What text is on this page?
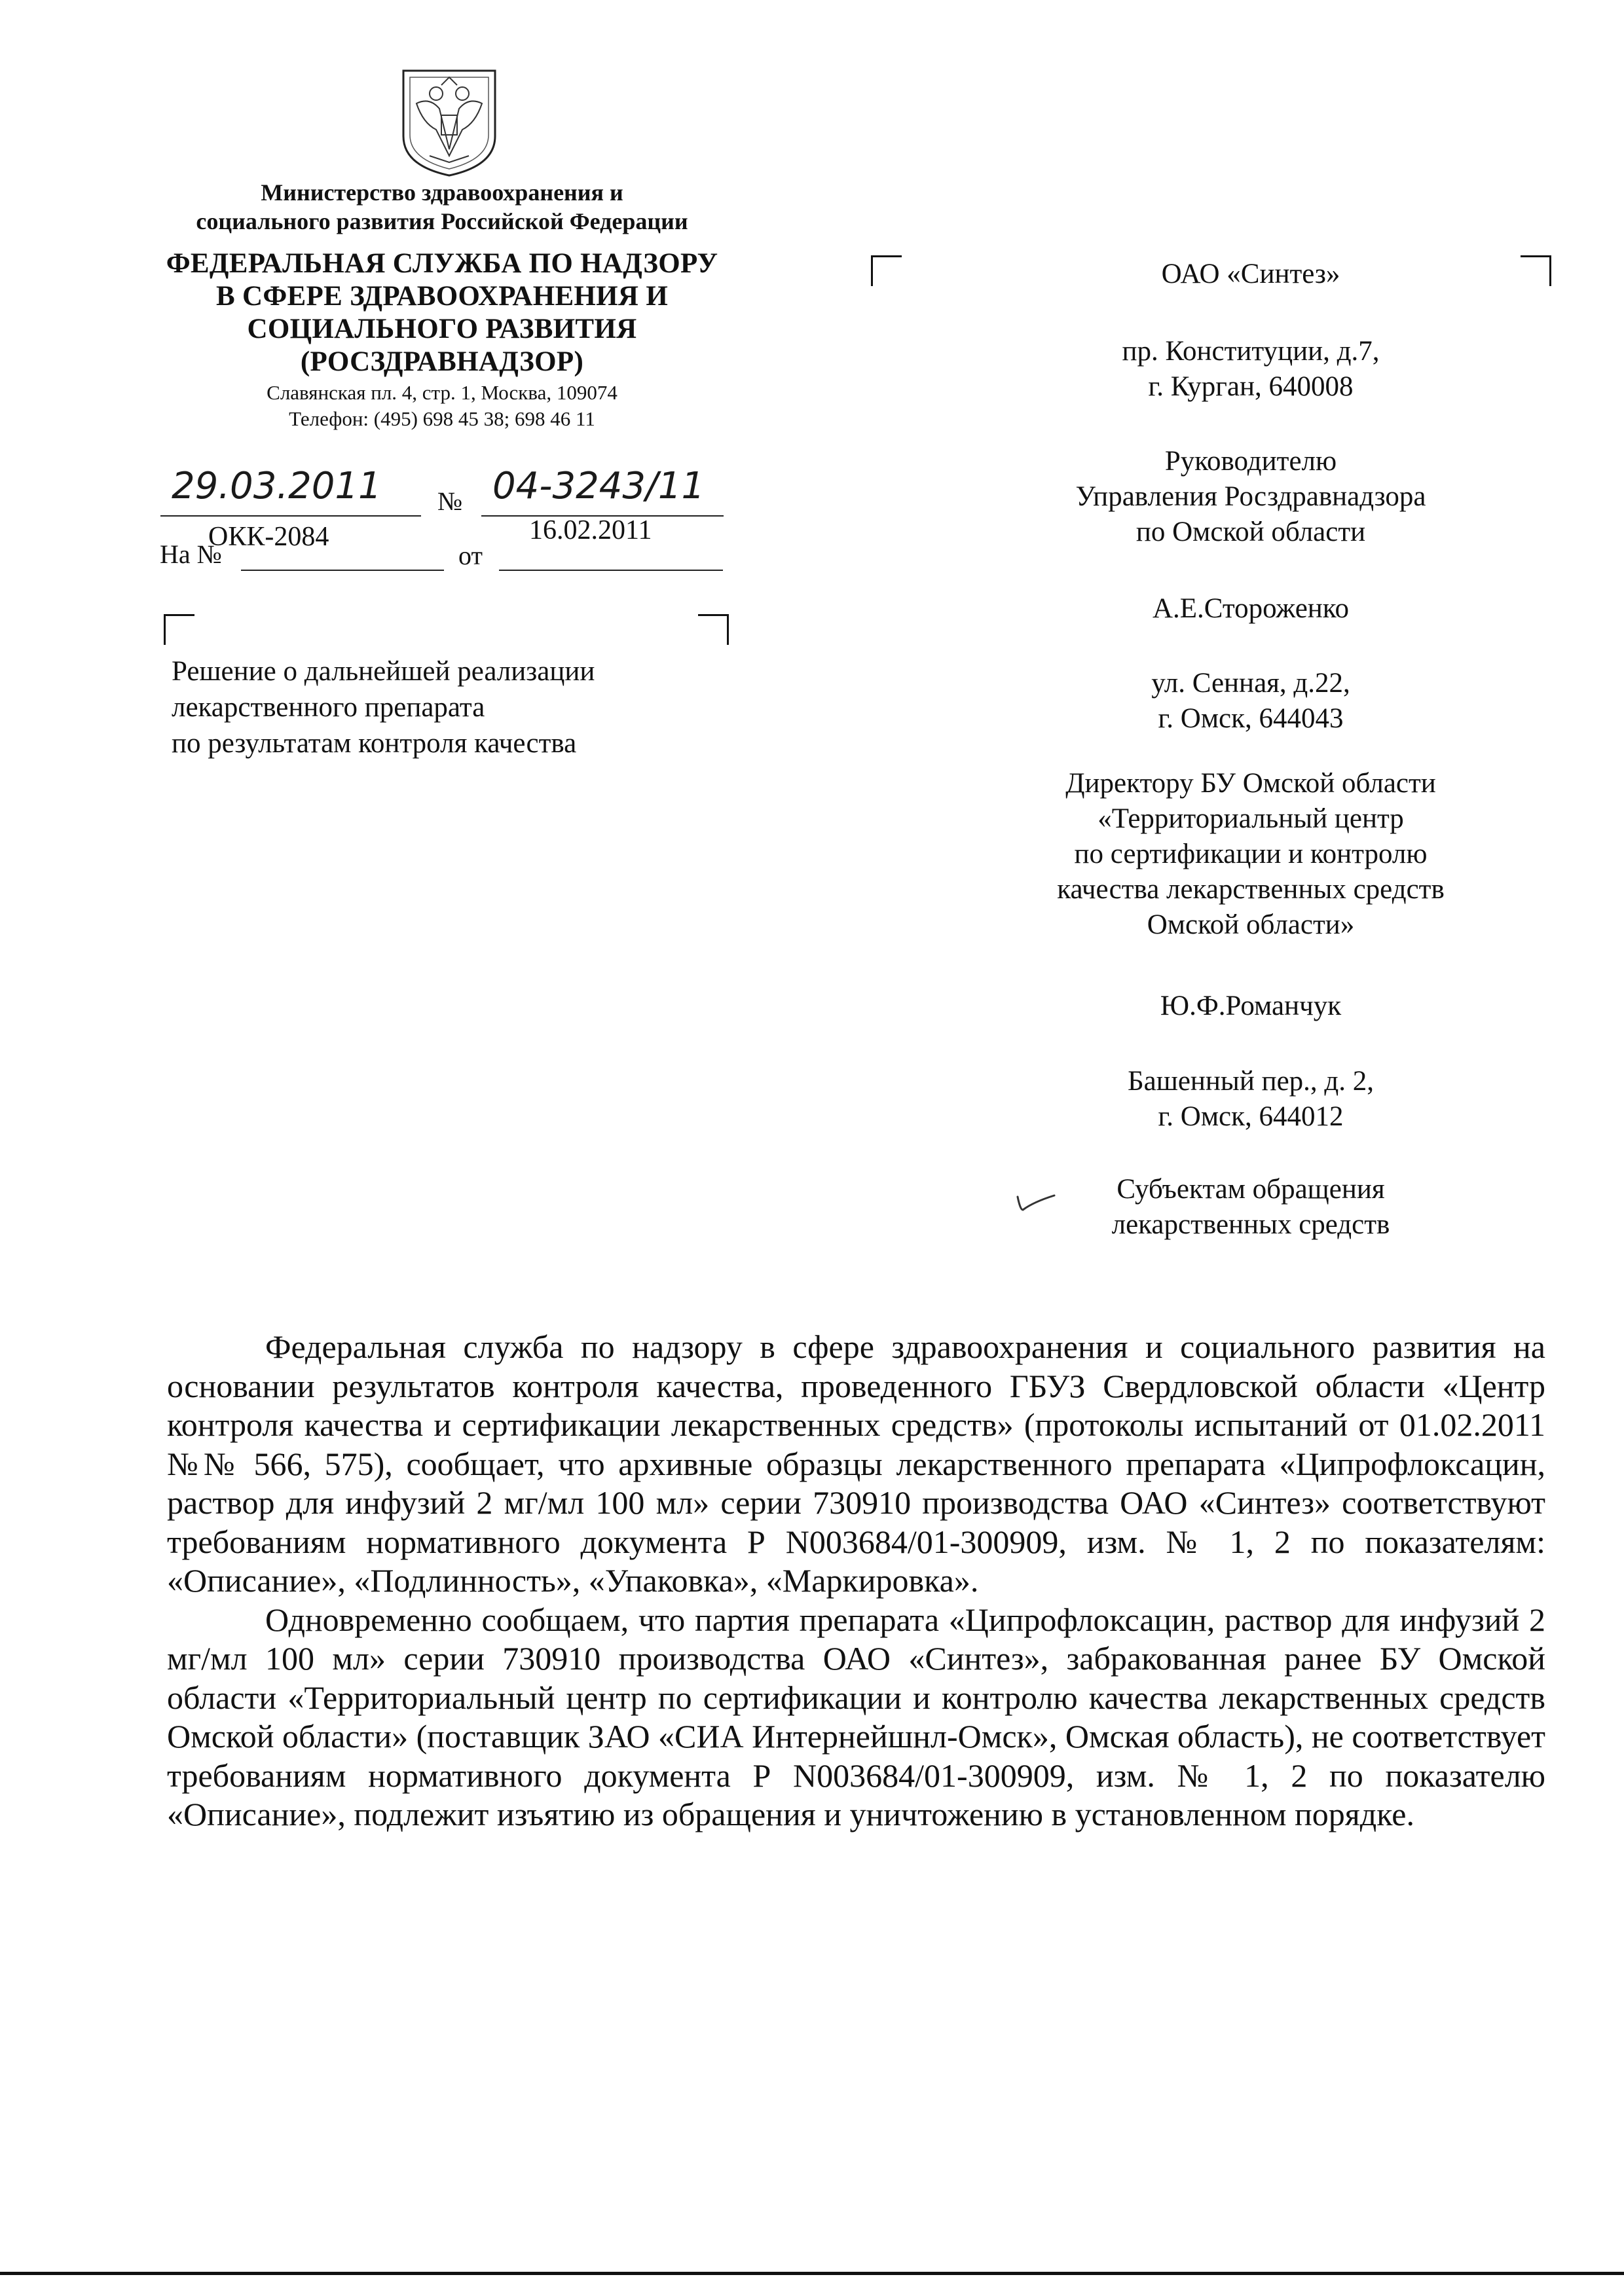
Министерство здравоохранения и
социального развития Российской Федерации
ФЕДЕРАЛЬНАЯ СЛУЖБА ПО НАДЗОРУ
В СФЕРЕ ЗДРАВООХРАНЕНИЯ И
СОЦИАЛЬНОГО РАЗВИТИЯ
(РОСЗДРАВНАДЗОР)
Славянская пл. 4, стр. 1, Москва, 109074
Телефон: (495) 698 45 38; 698 46 11
29.03.2011 № 04-3243/11
На №
ОКК-2084
от
16.02.2011
Решение о дальнейшей реализации
лекарственного препарата
по результатам контроля качества
ОАО «Синтез»
пр. Конституции, д.7,
г. Курган, 640008
Руководителю
Управления Росздравнадзора
по Омской области
А.Е.Стороженко
ул. Сенная, д.22,
г. Омск, 644043
Директору БУ Омской области
«Территориальный центр
по сертификации и контролю
качества лекарственных средств
Омской области»
Ю.Ф.Романчук
Башенный пер., д. 2,
г. Омск, 644012
Субъектам обращения
лекарственных средств

Федеральная служба по надзору в сфере здравоохранения и социального развития на основании результатов контроля качества, проведенного ГБУЗ Свердловской области «Центр контроля качества и сертификации лекарственных средств» (протоколы испытаний от 01.02.2011 №№ 566, 575), сообщает, что архивные образцы лекарственного препарата «Ципрофлоксацин, раствор для инфузий 2 мг/мл 100 мл» серии 730910 производства ОАО «Синтез» соответствуют требованиям нормативного документа Р N003684/01-300909, изм. № 1, 2 по показателям: «Описание», «Подлинность», «Упаковка», «Маркировка».

Одновременно сообщаем, что партия препарата «Ципрофлоксацин, раствор для инфузий 2 мг/мл 100 мл» серии 730910 производства ОАО «Синтез», забракованная ранее БУ Омской области «Территориальный центр по сертификации и контролю качества лекарственных средств Омской области» (поставщик ЗАО «СИА Интернейшнл-Омск», Омская область), не соответствует требованиям нормативного документа Р N003684/01-300909, изм. № 1, 2 по показателю «Описание», подлежит изъятию из обращения и уничтожению в установленном порядке.
